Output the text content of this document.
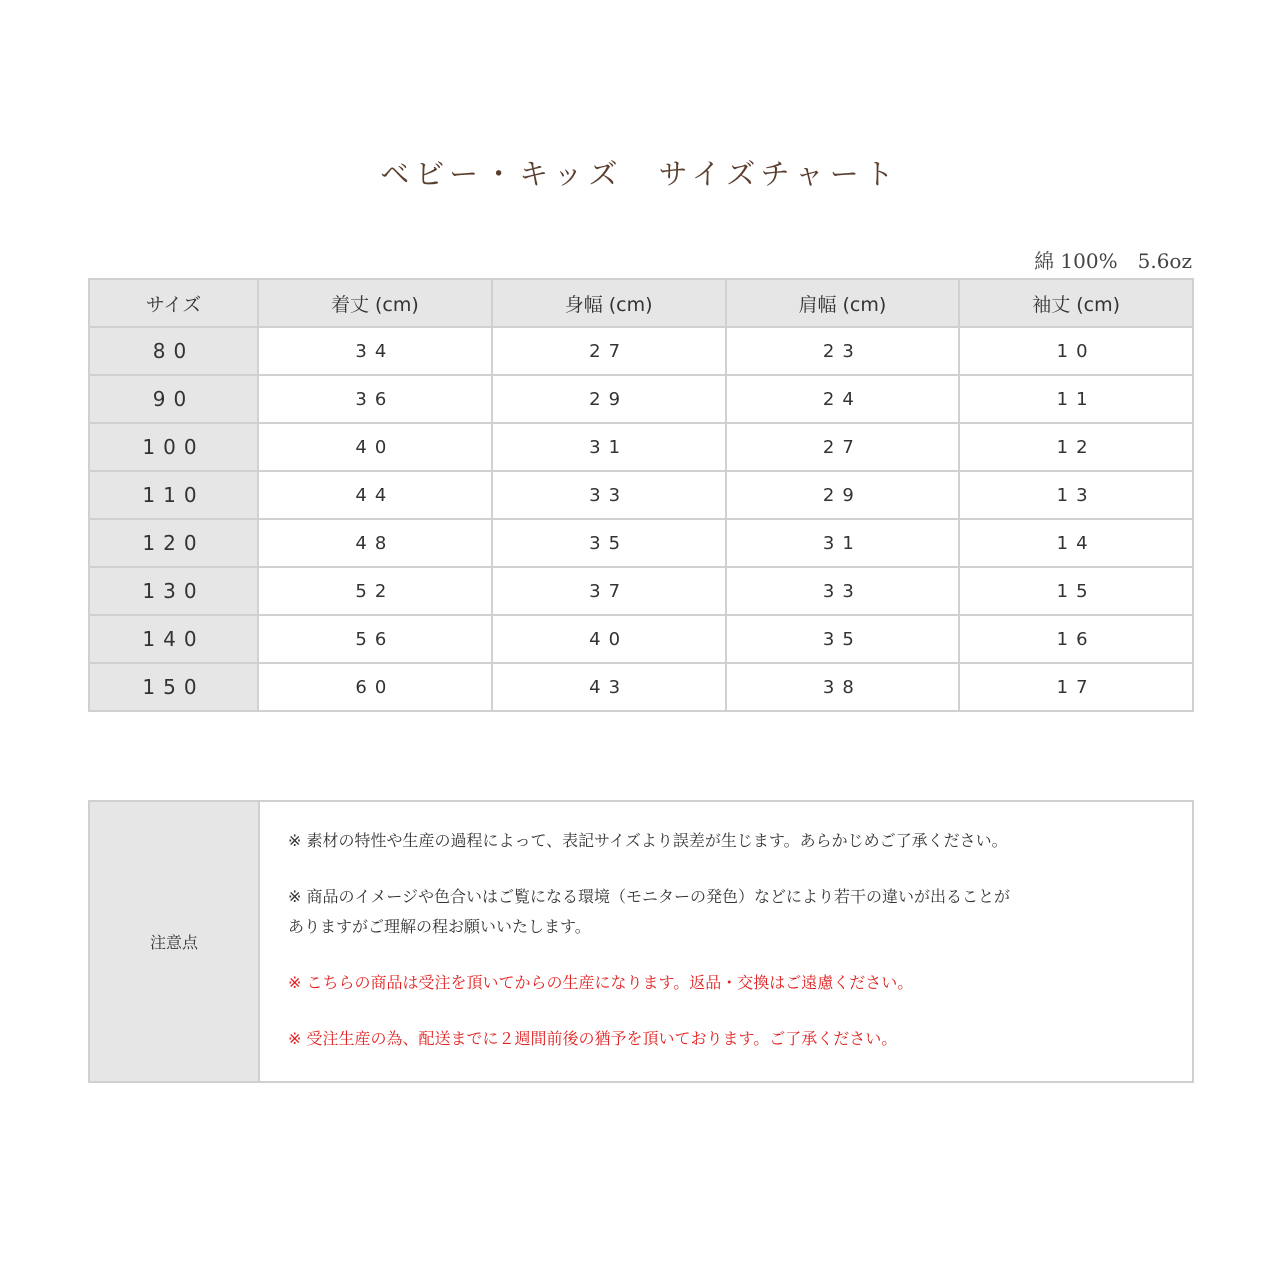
ベビー・キッズ　サイズチャート
綿 100%　5.6oz
サイズ	着丈 (cm)	身幅 (cm)	肩幅 (cm)	袖丈 (cm)
80	34	27	23	10
90	36	29	24	11
100	40	31	27	12
110	44	33	29	13
120	48	35	31	14
130	52	37	33	15
140	56	40	35	16
150	60	43	38	17
注意点

※ 素材の特性や生産の過程によって、表記サイズより誤差が生じます。あらかじめご了承ください。

※ 商品のイメージや色合いはご覧になる環境（モニターの発色）などにより若干の違いが出ることが
ありますがご理解の程お願いいたします。

※ こちらの商品は受注を頂いてからの生産になります。返品・交換はご遠慮ください。

※ 受注生産の為、配送までに２週間前後の猶予を頂いております。ご了承ください。
